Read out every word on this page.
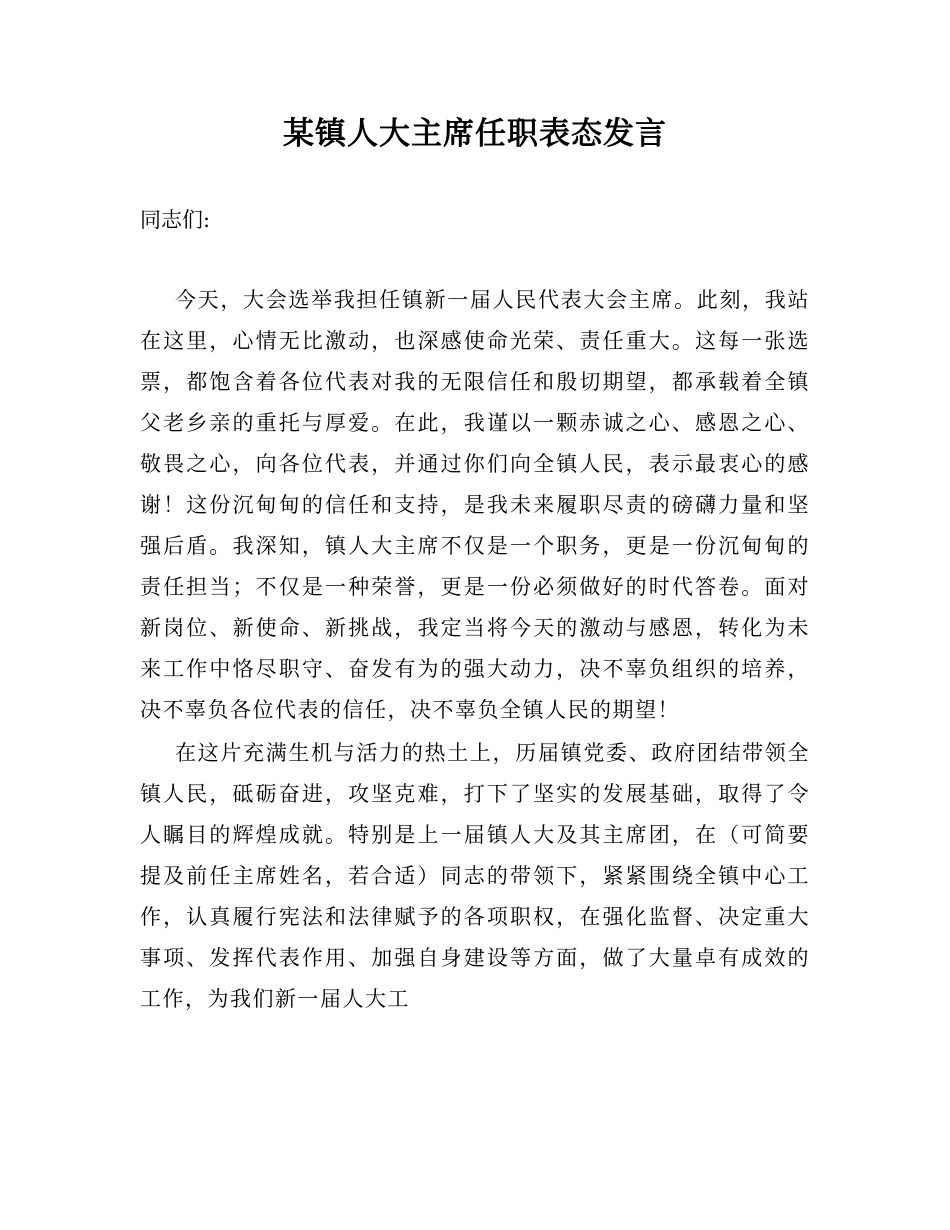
某镇人大主席任职表态发言

同志们:

今天，大会选举我担任镇新一届人民代表大会主席。此刻，我站在这里，心情无比激动，也深感使命光荣、责任重大。这每一张选票，都饱含着各位代表对我的无限信任和殷切期望，都承载着全镇父老乡亲的重托与厚爱。在此，我谨以一颗赤诚之心、感恩之心、敬畏之心，向各位代表，并通过你们向全镇人民，表示最衷心的感谢！这份沉甸甸的信任和支持，是我未来履职尽责的磅礴力量和坚强后盾。我深知，镇人大主席不仅是一个职务，更是一份沉甸甸的责任担当；不仅是一种荣誉，更是一份必须做好的时代答卷。面对新岗位、新使命、新挑战，我定当将今天的激动与感恩，转化为未来工作中恪尽职守、奋发有为的强大动力，决不辜负组织的培养，决不辜负各位代表的信任，决不辜负全镇人民的期望！

在这片充满生机与活力的热土上，历届镇党委、政府团结带领全镇人民，砥砺奋进，攻坚克难，打下了坚实的发展基础，取得了令人瞩目的辉煌成就。特别是上一届镇人大及其主席团，在（可简要提及前任主席姓名，若合适）同志的带领下，紧紧围绕全镇中心工作，认真履行宪法和法律赋予的各项职权，在强化监督、决定重大事项、发挥代表作用、加强自身建设等方面，做了大量卓有成效的工作，为我们新一届人大工
